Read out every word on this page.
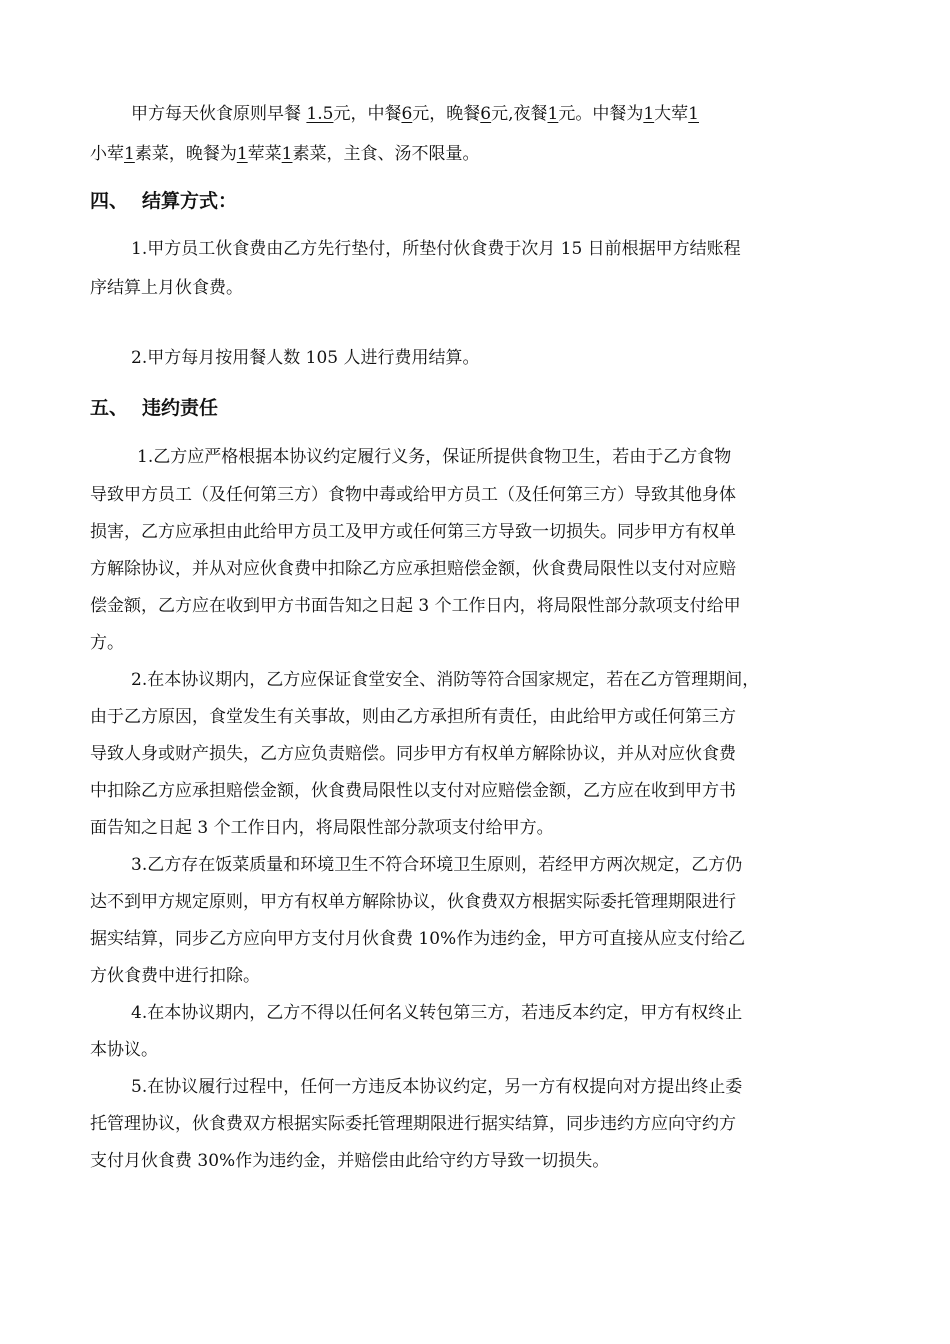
甲方每天伙食原则早餐 1.5元，中餐6元，晚餐6元,夜餐1元。中餐为1大荤1
小荤1素菜，晚餐为1荤菜1素菜，主食、汤不限量。
四、 结算方式：
1.甲方员工伙食费由乙方先行垫付，所垫付伙食费于次月 15 日前根据甲方结账程
序结算上月伙食费。
2.甲方每月按用餐人数 105 人进行费用结算。
五、 违约责任
1.乙方应严格根据本协议约定履行义务，保证所提供食物卫生，若由于乙方食物
导致甲方员工（及任何第三方）食物中毒或给甲方员工（及任何第三方）导致其他身体
损害，乙方应承担由此给甲方员工及甲方或任何第三方导致一切损失。同步甲方有权单
方解除协议，并从对应伙食费中扣除乙方应承担赔偿金额，伙食费局限性以支付对应赔
偿金额，乙方应在收到甲方书面告知之日起 3 个工作日内，将局限性部分款项支付给甲
方。
2.在本协议期内，乙方应保证食堂安全、消防等符合国家规定，若在乙方管理期间，
由于乙方原因，食堂发生有关事故，则由乙方承担所有责任，由此给甲方或任何第三方
导致人身或财产损失，乙方应负责赔偿。同步甲方有权单方解除协议，并从对应伙食费
中扣除乙方应承担赔偿金额，伙食费局限性以支付对应赔偿金额，乙方应在收到甲方书
面告知之日起 3 个工作日内，将局限性部分款项支付给甲方。
3.乙方存在饭菜质量和环境卫生不符合环境卫生原则，若经甲方两次规定，乙方仍
达不到甲方规定原则，甲方有权单方解除协议，伙食费双方根据实际委托管理期限进行
据实结算，同步乙方应向甲方支付月伙食费 10%作为违约金，甲方可直接从应支付给乙
方伙食费中进行扣除。
4.在本协议期内，乙方不得以任何名义转包第三方，若违反本约定，甲方有权终止
本协议。
5.在协议履行过程中，任何一方违反本协议约定，另一方有权提向对方提出终止委
托管理协议，伙食费双方根据实际委托管理期限进行据实结算，同步违约方应向守约方
支付月伙食费 30%作为违约金，并赔偿由此给守约方导致一切损失。
